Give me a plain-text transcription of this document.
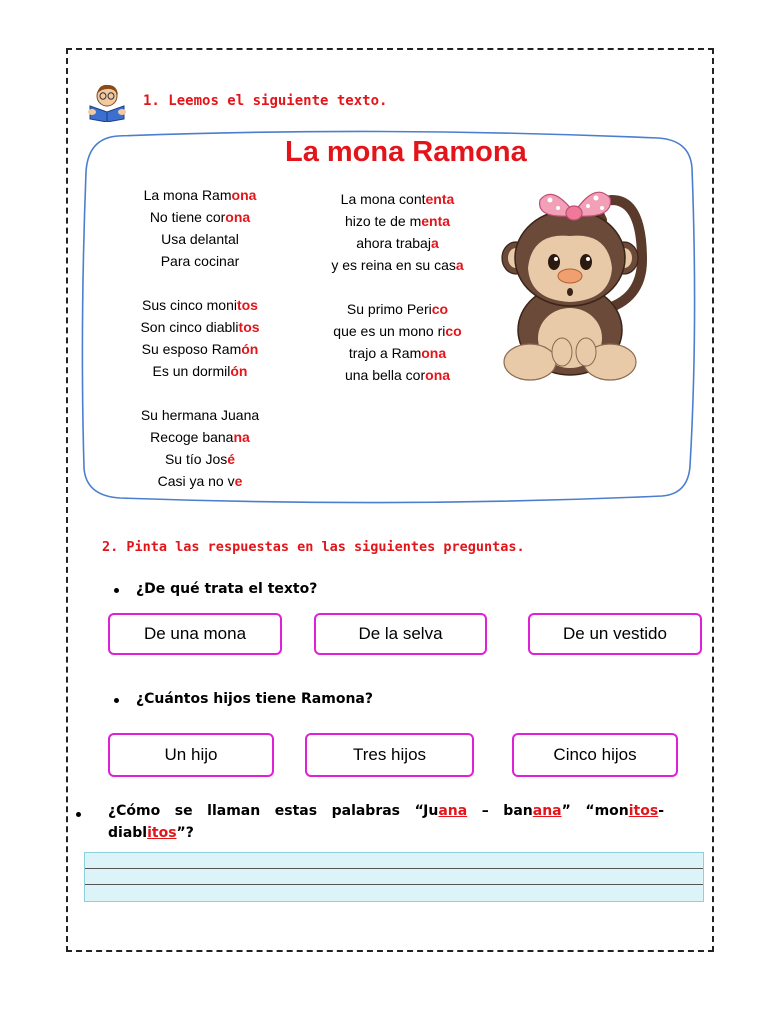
1. Leemos el siguiente texto.
La mona Ramona
La mona Ramona
No tiene corona
Usa delantal
Para cocinar
Sus cinco monitos
Son cinco diablitos
Su esposo Ramón
Es un dormilón
Su hermana Juana
Recoge banana
Su tío José
Casi ya no ve
La mona contenta
hizo te de menta
ahora trabaja
y es reina en su casa
Su primo Perico
que es un mono rico
trajo a Ramona
una bella corona
2. Pinta las respuestas en las siguientes preguntas.
¿De qué trata el texto?
De una mona	De la selva	De un vestido
¿Cuántos hijos tiene Ramona?
Un hijo	Tres hijos	Cinco hijos
¿Cómo se llaman estas palabras “Juana – banana” “monitos- diablitos”?
